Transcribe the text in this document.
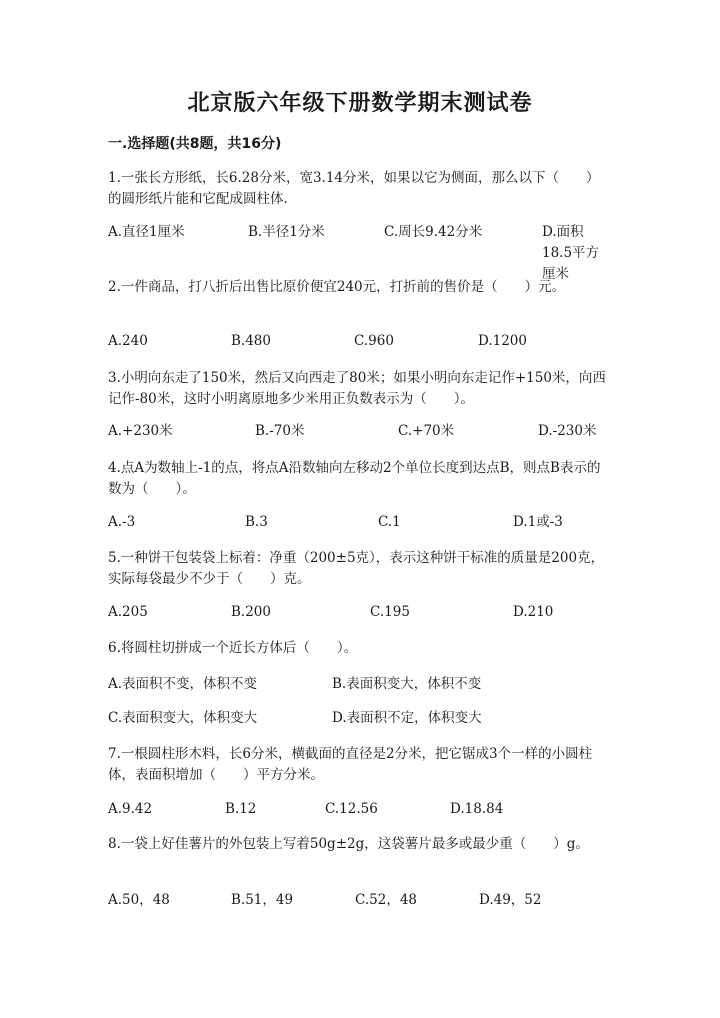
北京版六年级下册数学期末测试卷
一.选择题(共8题，共16分)
1.一张长方形纸，长6.28分米，宽3.14分米，如果以它为侧面，那么以下（　　）的圆形纸片能和它配成圆柱体.
A.直径1厘米	B.半径1分米	C.周长9.42分米	D.面积18.5平方厘米
2.一件商品，打八折后出售比原价便宜240元，打折前的售价是（　　）元。
A.240	B.480	C.960	D.1200
3.小明向东走了150米，然后又向西走了80米；如果小明向东走记作+150米，向西记作-80米，这时小明离原地多少米用正负数表示为（　　）。
A.+230米	B.-70米	C.+70米	D.-230米
4.点A为数轴上-1的点，将点A沿数轴向左移动2个单位长度到达点B，则点B表示的数为（　　）。
A.-3	B.3	C.1	D.1或-3
5.一种饼干包装袋上标着：净重（200±5克），表示这种饼干标准的质量是200克，实际每袋最少不少于（　　）克。
A.205	B.200	C.195	D.210
6.将圆柱切拼成一个近长方体后（　　）。
A.表面积不变，体积不变	B.表面积变大，体积不变
C.表面积变大，体积变大	D.表面积不定，体积变大
7.一根圆柱形木料，长6分米，横截面的直径是2分米，把它锯成3个一样的小圆柱体，表面积增加（　　）平方分米。
A.9.42	B.12	C.12.56	D.18.84
8.一袋上好佳薯片的外包装上写着50g±2g，这袋薯片最多或最少重（　　）g。
A.50，48	B.51，49	C.52，48	D.49，52
